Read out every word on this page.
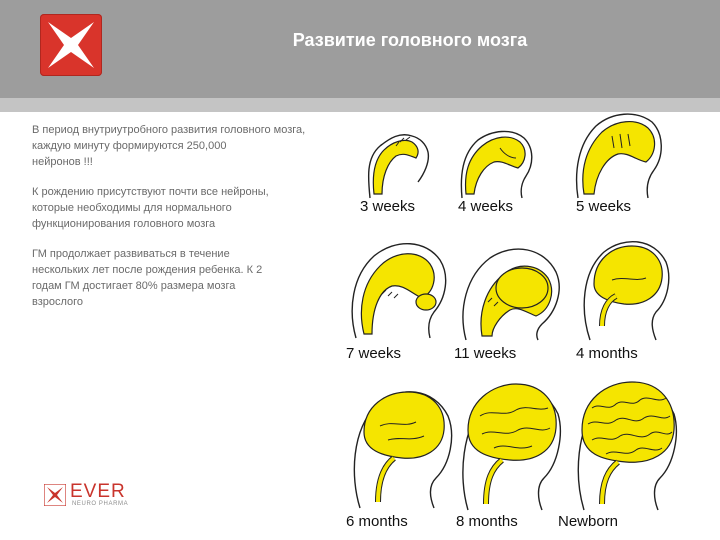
Развитие головного мозга

В период внутриутробного развития головного мозга,
каждую минуту формируются 250,000
нейронов !!!

К рождению присутствуют почти все нейроны,
которые необходимы для нормального
функционирования головного мозга

ГМ продолжает развиваться в течение
нескольких лет после рождения ребенка. К 2
годам ГМ достигает 80% размера мозга
взрослого

EVER
NEURO PHARMA
3 weeks	4 weeks	5 weeks
7 weeks	11 weeks	4 months
6 months	8 months	Newborn
